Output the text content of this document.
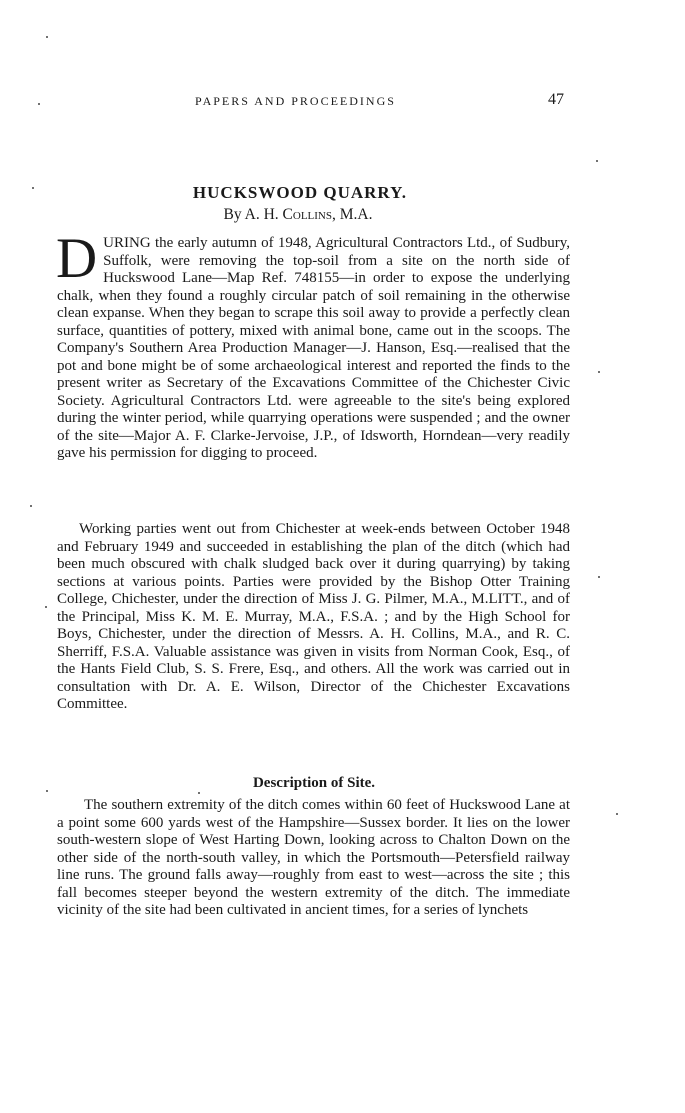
PAPERS AND PROCEEDINGS	47
HUCKSWOOD QUARRY.
By A. H. Collins, M.A.

DURING the early autumn of 1948, Agricultural Contractors Ltd., of Sudbury, Suffolk, were removing the top-soil from a site on the north side of Huckswood Lane—Map Ref. 748155—in order to expose the underlying chalk, when they found a roughly circular patch of soil remaining in the otherwise clean expanse. When they began to scrape this soil away to provide a perfectly clean surface, quantities of pottery, mixed with animal bone, came out in the scoops. The Company's Southern Area Production Manager—J. Hanson, Esq.—realised that the pot and bone might be of some archaeological interest and reported the finds to the present writer as Secretary of the Excavations Committee of the Chichester Civic Society. Agricultural Contractors Ltd. were agreeable to the site's being explored during the winter period, while quarrying operations were suspended ; and the owner of the site—Major A. F. Clarke-Jervoise, J.P., of Idsworth, Horndean—very readily gave his permission for digging to proceed.

Working parties went out from Chichester at week-ends between October 1948 and February 1949 and succeeded in establishing the plan of the ditch (which had been much obscured with chalk sludged back over it during quarrying) by taking sections at various points. Parties were provided by the Bishop Otter Training College, Chichester, under the direction of Miss J. G. Pilmer, M.A., M.LITT., and of the Principal, Miss K. M. E. Murray, M.A., F.S.A. ; and by the High School for Boys, Chichester, under the direction of Messrs. A. H. Collins, M.A., and R. C. Sherriff, F.S.A. Valuable assistance was given in visits from Norman Cook, Esq., of the Hants Field Club, S. S. Frere, Esq., and others. All the work was carried out in consultation with Dr. A. E. Wilson, Director of the Chichester Excavations Committee.

Description of Site.

The southern extremity of the ditch comes within 60 feet of Huckswood Lane at a point some 600 yards west of the Hampshire—Sussex border. It lies on the lower south-western slope of West Harting Down, looking across to Chalton Down on the other side of the north-south valley, in which the Portsmouth—Petersfield railway line runs. The ground falls away—roughly from east to west—across the site ; this fall becomes steeper beyond the western extremity of the ditch. The immediate vicinity of the site had been cultivated in ancient times, for a series of lynchets
